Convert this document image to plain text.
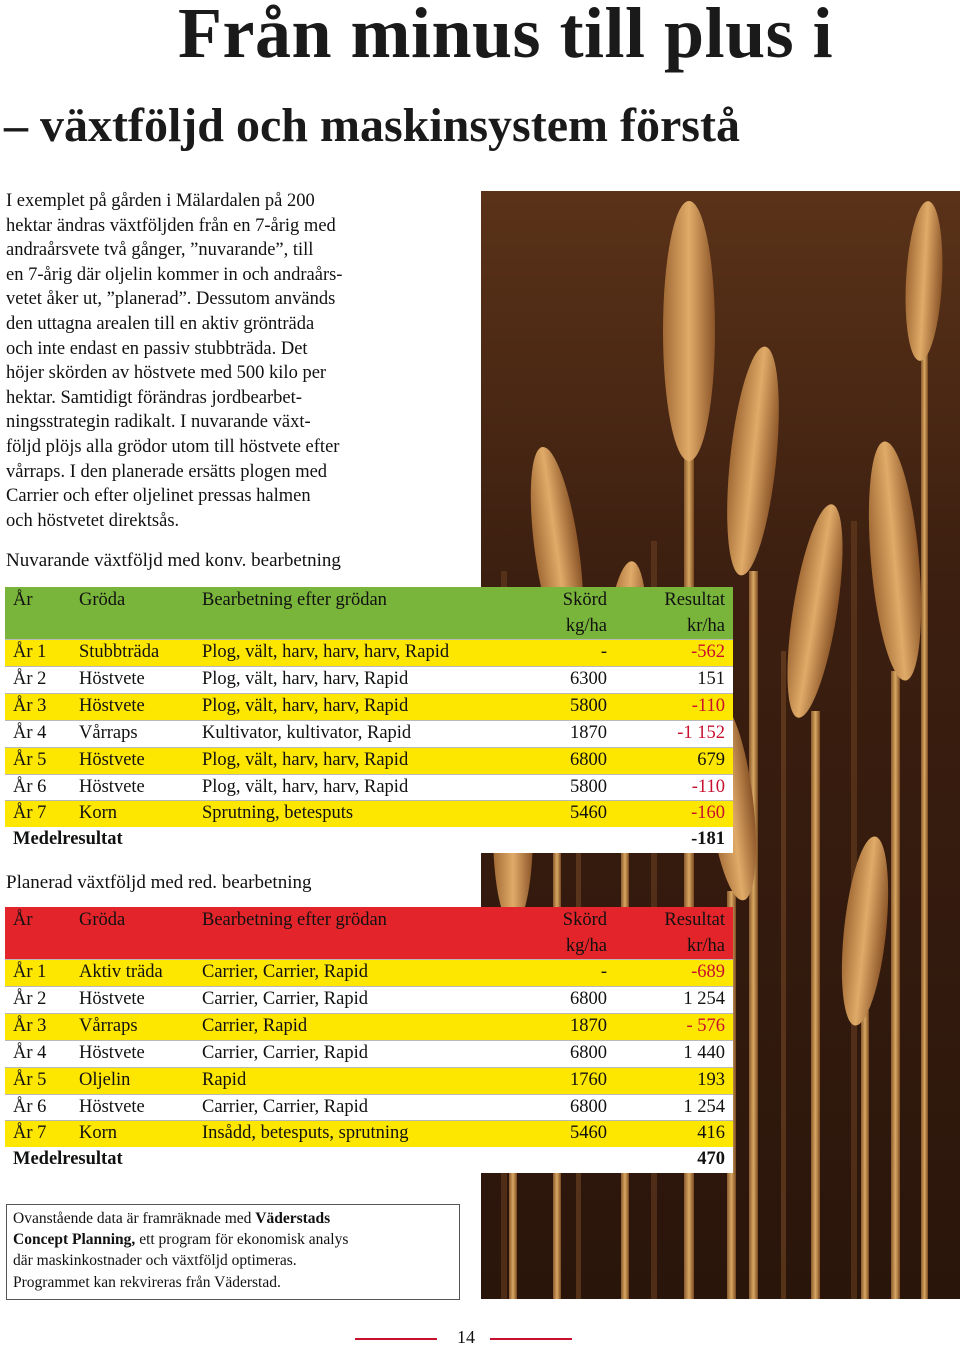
Från minus till plus i
– växtföljd och maskinsystem förstå
I exemplet på gården i Mälardalen på 200
hektar ändras växtföljden från en 7-årig med
andraårsvete två gånger, ”nuvarande”, till
en 7-årig där oljelin kommer in och andraårs-
vetet åker ut, ”planerad”. Dessutom används
den uttagna arealen till en aktiv grönträda
och inte endast en passiv stubbträda. Det
höjer skörden av höstvete med 500 kilo per
hektar. Samtidigt förändras jordbearbet-
ningsstrategin radikalt. I nuvarande växt-
följd plöjs alla grödor utom till höstvete efter
vårraps. I den planerade ersätts plogen med
Carrier och efter oljelinet pressas halmen
och höstvetet direktsås.
Nuvarande växtföljd med konv. bearbetning
År	Gröda	Bearbetning efter grödan	Skörd	Resultat
			kg/ha	kr/ha
År 1	Stubbträda	Plog, vält, harv, harv, harv, Rapid	-	-562
År 2	Höstvete	Plog, vält, harv, harv, Rapid	6300	151
År 3	Höstvete	Plog, vält, harv, harv, Rapid	5800	-110
År 4	Vårraps	Kultivator, kultivator, Rapid	1870	-1 152
År 5	Höstvete	Plog, vält, harv, harv, Rapid	6800	679
År 6	Höstvete	Plog, vält, harv, harv, Rapid	5800	-110
År 7	Korn	Sprutning, betesputs	5460	-160
Medelresultat				-181
Planerad växtföljd med red. bearbetning
År	Gröda	Bearbetning efter grödan	Skörd	Resultat
			kg/ha	kr/ha
År 1	Aktiv träda	Carrier, Carrier, Rapid	-	-689
År 2	Höstvete	Carrier, Carrier, Rapid	6800	1 254
År 3	Vårraps	Carrier, Rapid	1870	- 576
År 4	Höstvete	Carrier, Carrier, Rapid	6800	1 440
År 5	Oljelin	Rapid	1760	193
År 6	Höstvete	Carrier, Carrier, Rapid	6800	1 254
År 7	Korn	Insådd, betesputs, sprutning	5460	416
Medelresultat				470
Ovanstående data är framräknade med Väderstads
Concept Planning, ett program för ekonomisk analys
där maskinkostnader och växtföljd optimeras.
Programmet kan rekvireras från Väderstad.
14
